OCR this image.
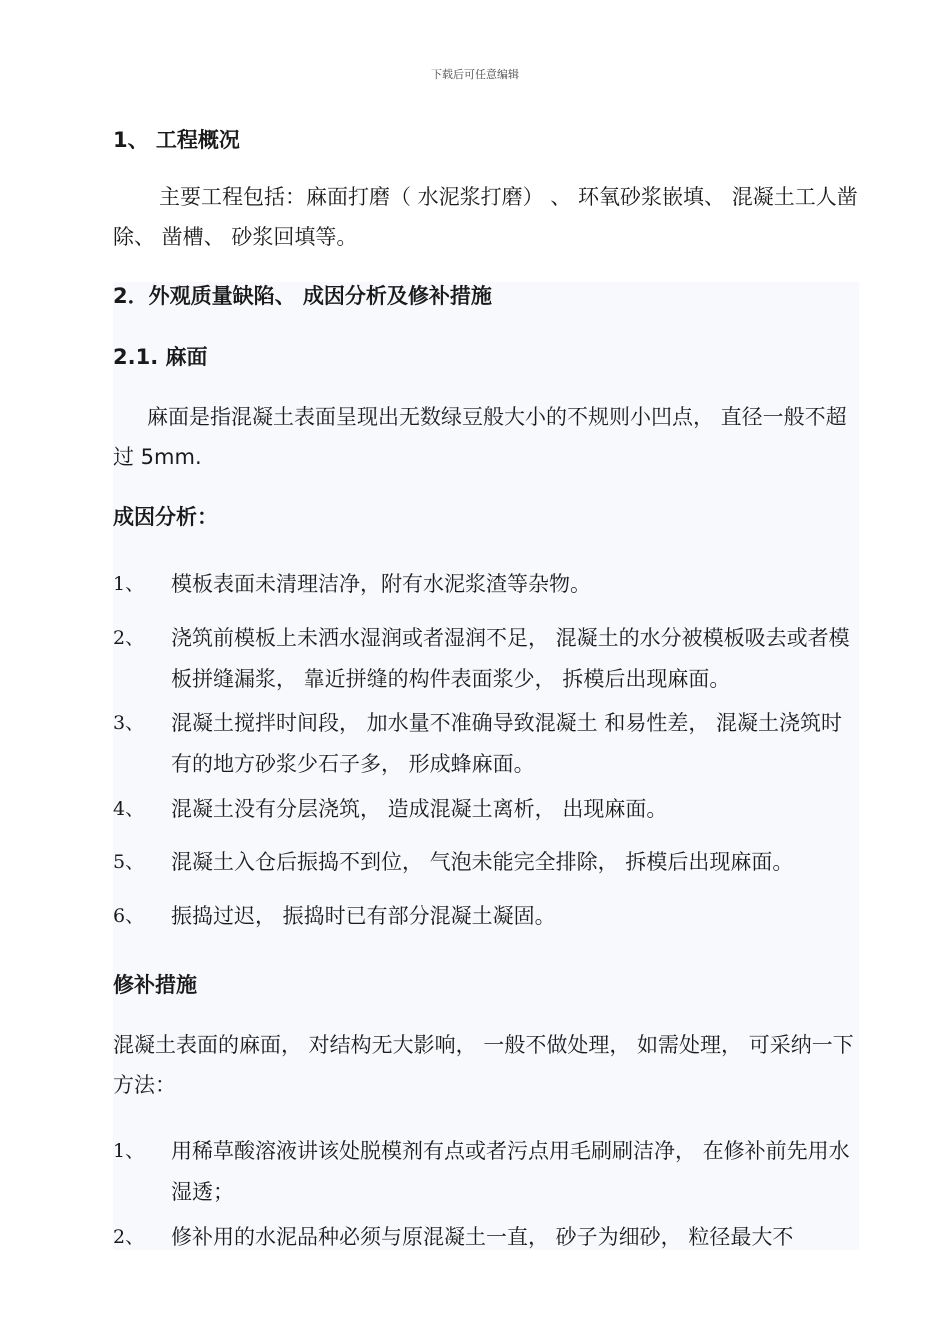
下载后可任意编辑
1、 工程概况
主要工程包括：麻面打磨（ 水泥浆打磨） 、 环氧砂浆嵌填、 混凝土工人凿除、 凿槽、 砂浆回填等。
2．外观质量缺陷、 成因分析及修补措施
2.1. 麻面
麻面是指混凝土表面呈现出无数绿豆般大小的不规则小凹点， 直径一般不超过 5mm.
成因分析：
1、 模板表面未清理洁净，附有水泥浆渣等杂物。
2、 浇筑前模板上未洒水湿润或者湿润不足， 混凝土的水分被模板吸去或者模板拼缝漏浆， 靠近拼缝的构件表面浆少， 拆模后出现麻面。
3、 混凝土搅拌时间段， 加水量不准确导致混凝土 和易性差， 混凝土浇筑时有的地方砂浆少石子多， 形成蜂麻面。
4、 混凝土没有分层浇筑， 造成混凝土离析， 出现麻面。
5、 混凝土入仓后振捣不到位， 气泡未能完全排除， 拆模后出现麻面。
6、 振捣过迟， 振捣时已有部分混凝土凝固。
修补措施
混凝土表面的麻面， 对结构无大影响， 一般不做处理， 如需处理， 可采纳一下方法：
1、 用稀草酸溶液讲该处脱模剂有点或者污点用毛刷刷洁净， 在修补前先用水湿透；
2、 修补用的水泥品种必须与原混凝土一直， 砂子为细砂， 粒径最大不
